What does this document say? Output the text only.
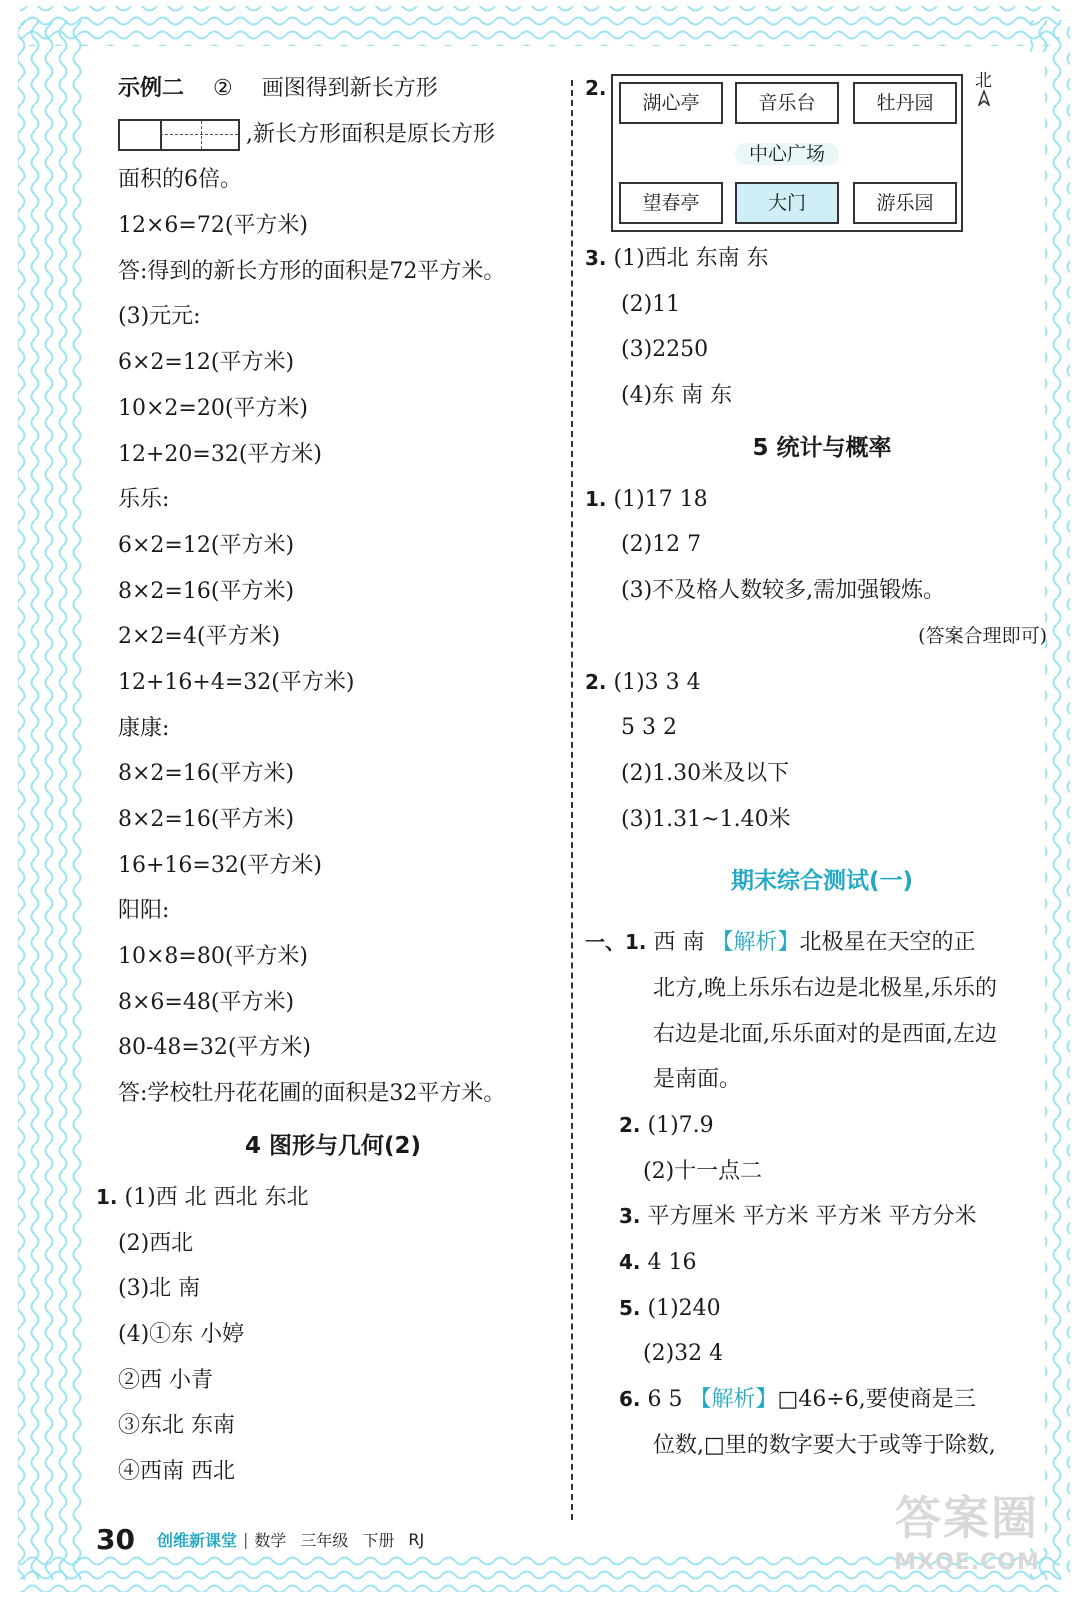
示例二 ② 画图得到新长方形
,新长方形面积是原长方形
面积的6倍。
12×6=72(平方米)
答:得到的新长方形的面积是72平方米。
(3)元元:
6×2=12(平方米)
10×2=20(平方米)
12+20=32(平方米)
乐乐:
6×2=12(平方米)
8×2=16(平方米)
2×2=4(平方米)
12+16+4=32(平方米)
康康:
8×2=16(平方米)
8×2=16(平方米)
16+16=32(平方米)
阳阳:
10×8=80(平方米)
8×6=48(平方米)
80-48=32(平方米)
答:学校牡丹花花圃的面积是32平方米。
4 图形与几何(2)
1. (1)西 北 西北 东北
(2)西北
(3)北 南
(4)①东 小婷
②西 小青
③东北 东南
④西南 西北
2.
湖心亭	音乐台	牡丹园
中心广场
望春亭	大门	游乐园
北
3. (1)西北 东南 东
(2)11
(3)2250
(4)东 南 东
5 统计与概率
1. (1)17 18
(2)12 7
(3)不及格人数较多,需加强锻炼。
(答案合理即可)
2. (1)3 3 4
5 3 2
(2)1.30米及以下
(3)1.31~1.40米
期末综合测试(一)
一、1. 西 南 【解析】北极星在天空的正
北方,晚上乐乐右边是北极星,乐乐的
右边是北面,乐乐面对的是西面,左边
是南面。
2. (1)7.9
(2)十一点二
3. 平方厘米 平方米 平方米 平方分米
4. 4 16
5. (1)240
(2)32 4
6. 6 5 【解析】□46÷6,要使商是三
位数,□里的数字要大于或等于除数,
30 创维新课堂 | 数学 三年级 下册 RJ	答案圈
MXQE.COM
